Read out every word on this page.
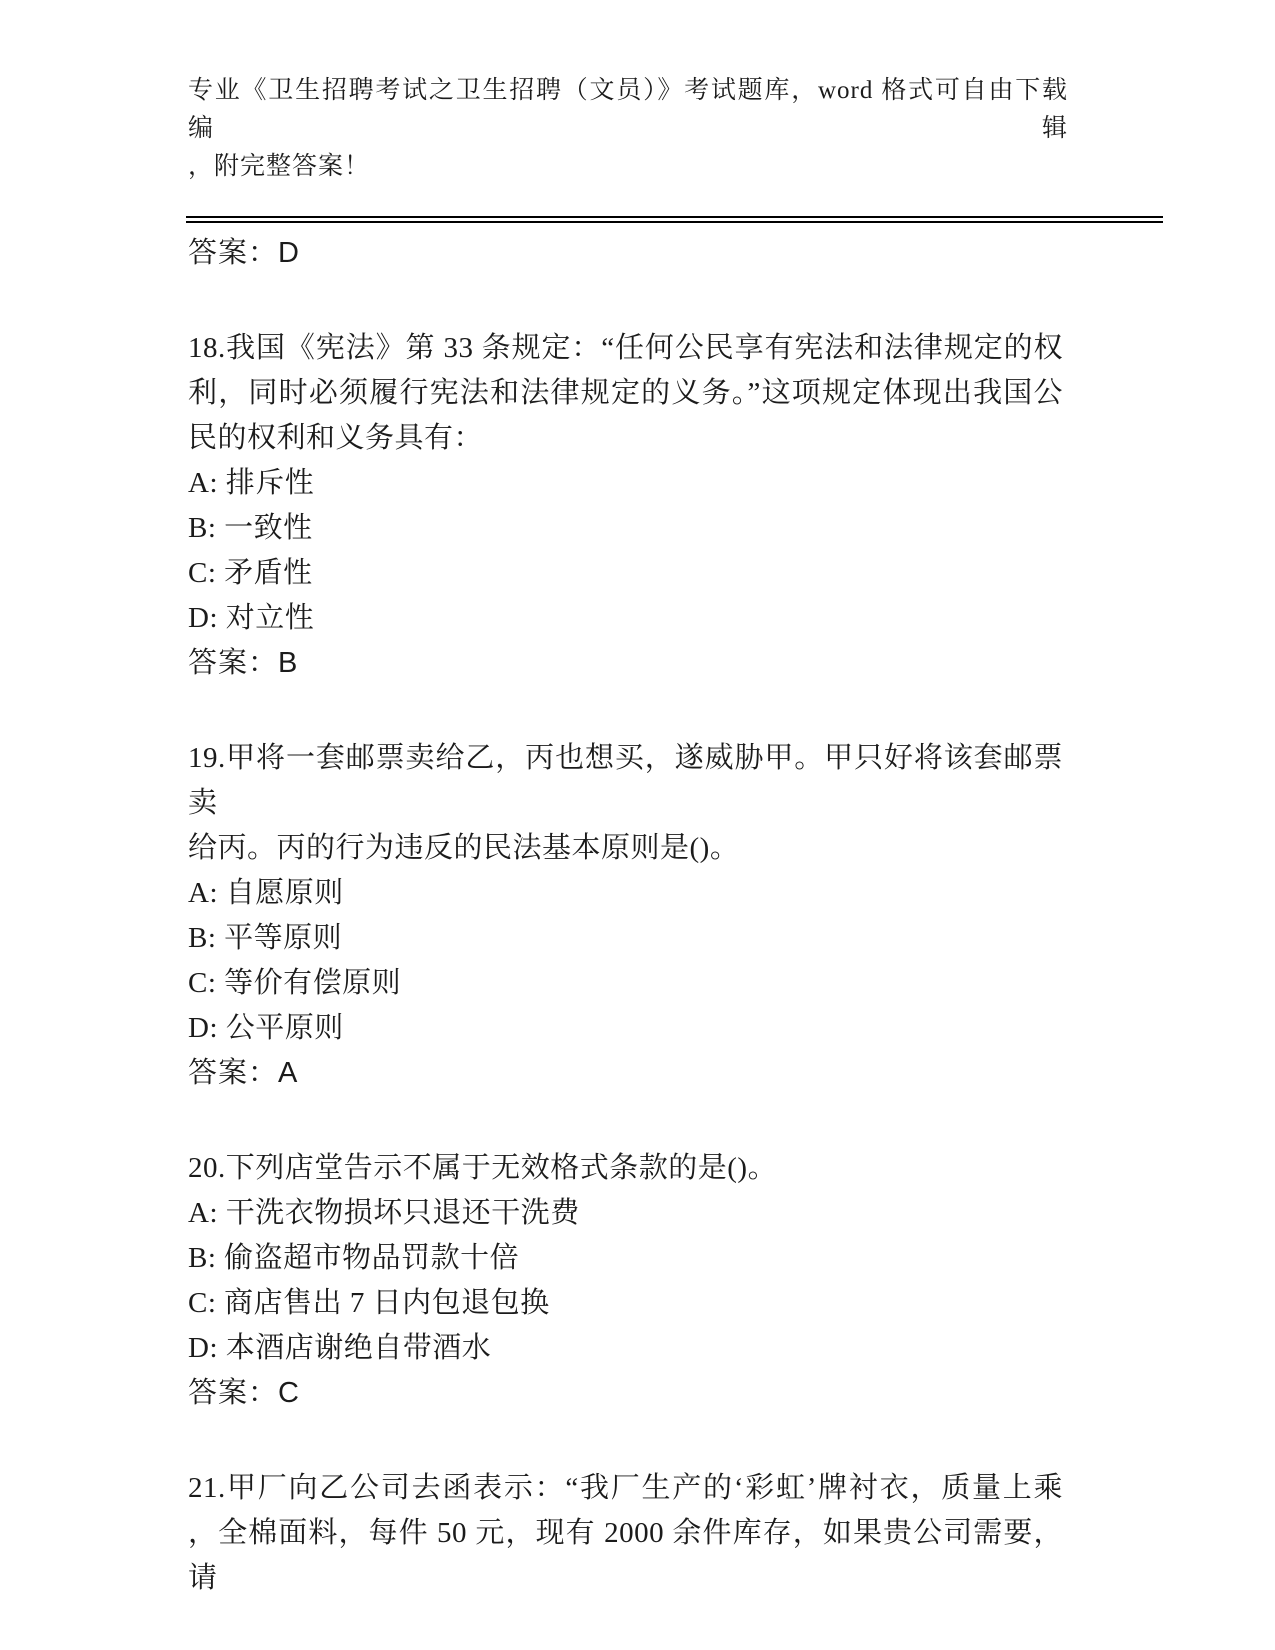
专业《卫生招聘考试之卫生招聘（文员）》考试题库，word 格式可自由下载编辑
，附完整答案！
答案：D
18.我国《宪法》第 33 条规定：“任何公民享有宪法和法律规定的权
利，同时必须履行宪法和法律规定的义务。”这项规定体现出我国公
民的权利和义务具有：
A: 排斥性
B: 一致性
C: 矛盾性
D: 对立性
答案：B
19.甲将一套邮票卖给乙，丙也想买，遂威胁甲。甲只好将该套邮票卖
给丙。丙的行为违反的民法基本原则是()。
A: 自愿原则
B: 平等原则
C: 等价有偿原则
D: 公平原则
答案：A
20.下列店堂告示不属于无效格式条款的是()。
A: 干洗衣物损坏只退还干洗费
B: 偷盗超市物品罚款十倍
C: 商店售出 7 日内包退包换
D: 本酒店谢绝自带酒水
答案：C
21.甲厂向乙公司去函表示：“我厂生产的‘彩虹’牌衬衣，质量上乘
，全棉面料，每件 50 元，现有 2000 余件库存，如果贵公司需要，请
